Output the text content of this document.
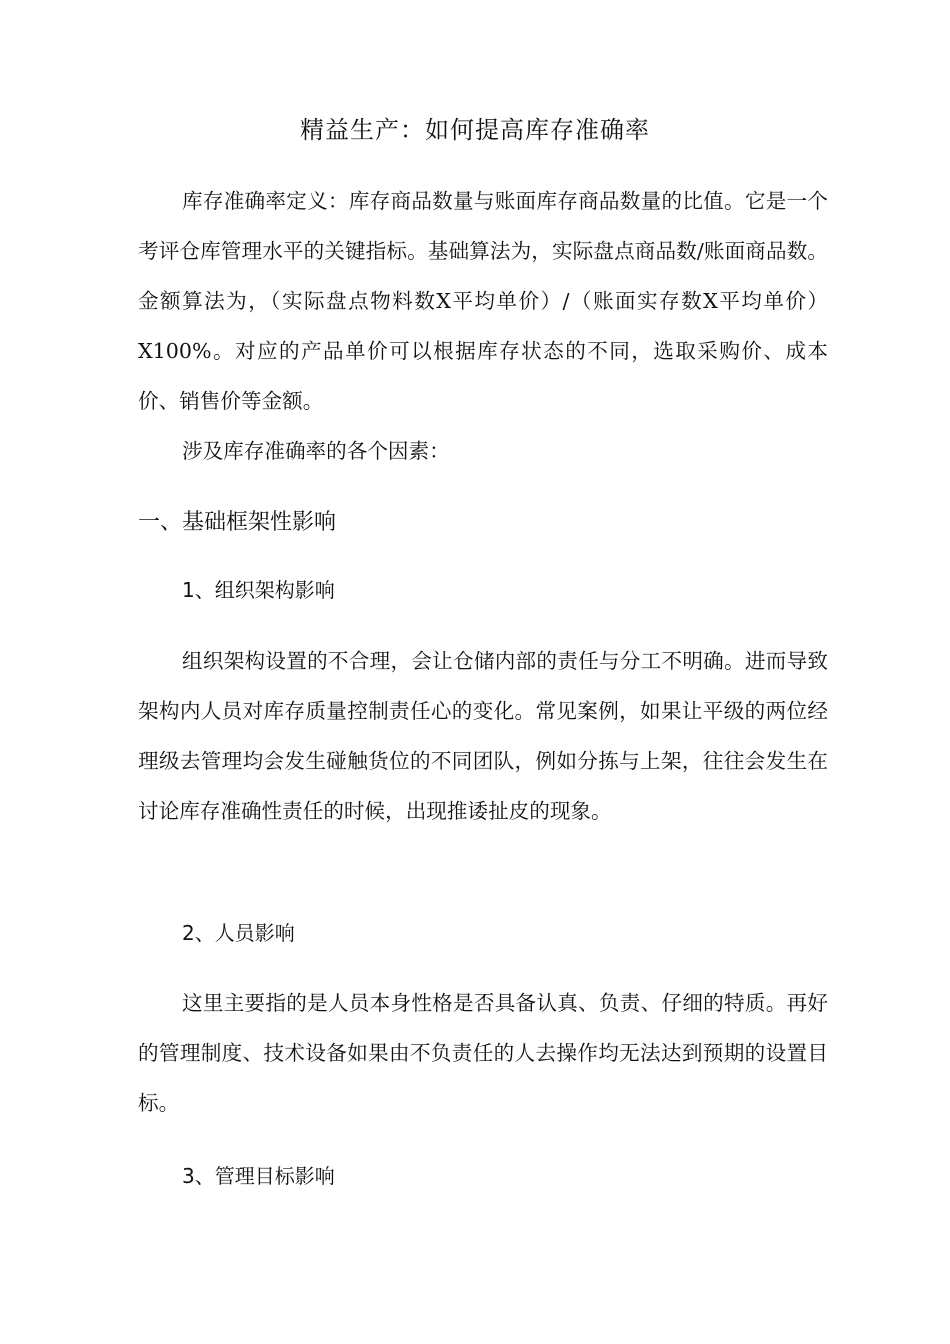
精益生产：如何提高库存准确率

库存准确率定义：库存商品数量与账面库存商品数量的比值。它是一个考评仓库管理水平的关键指标。基础算法为，实际盘点商品数/账面商品数。金额算法为，（实际盘点物料数X平均单价）/（账面实存数X平均单价）X100%。对应的产品单价可以根据库存状态的不同，选取采购价、成本价、销售价等金额。

涉及库存准确率的各个因素：

一、基础框架性影响
1、组织架构影响

组织架构设置的不合理，会让仓储内部的责任与分工不明确。进而导致架构内人员对库存质量控制责任心的变化。常见案例，如果让平级的两位经理级去管理均会发生碰触货位的不同团队，例如分拣与上架，往往会发生在讨论库存准确性责任的时候，出现推诿扯皮的现象。

2、人员影响

这里主要指的是人员本身性格是否具备认真、负责、仔细的特质。再好的管理制度、技术设备如果由不负责任的人去操作均无法达到预期的设置目标。

3、管理目标影响
